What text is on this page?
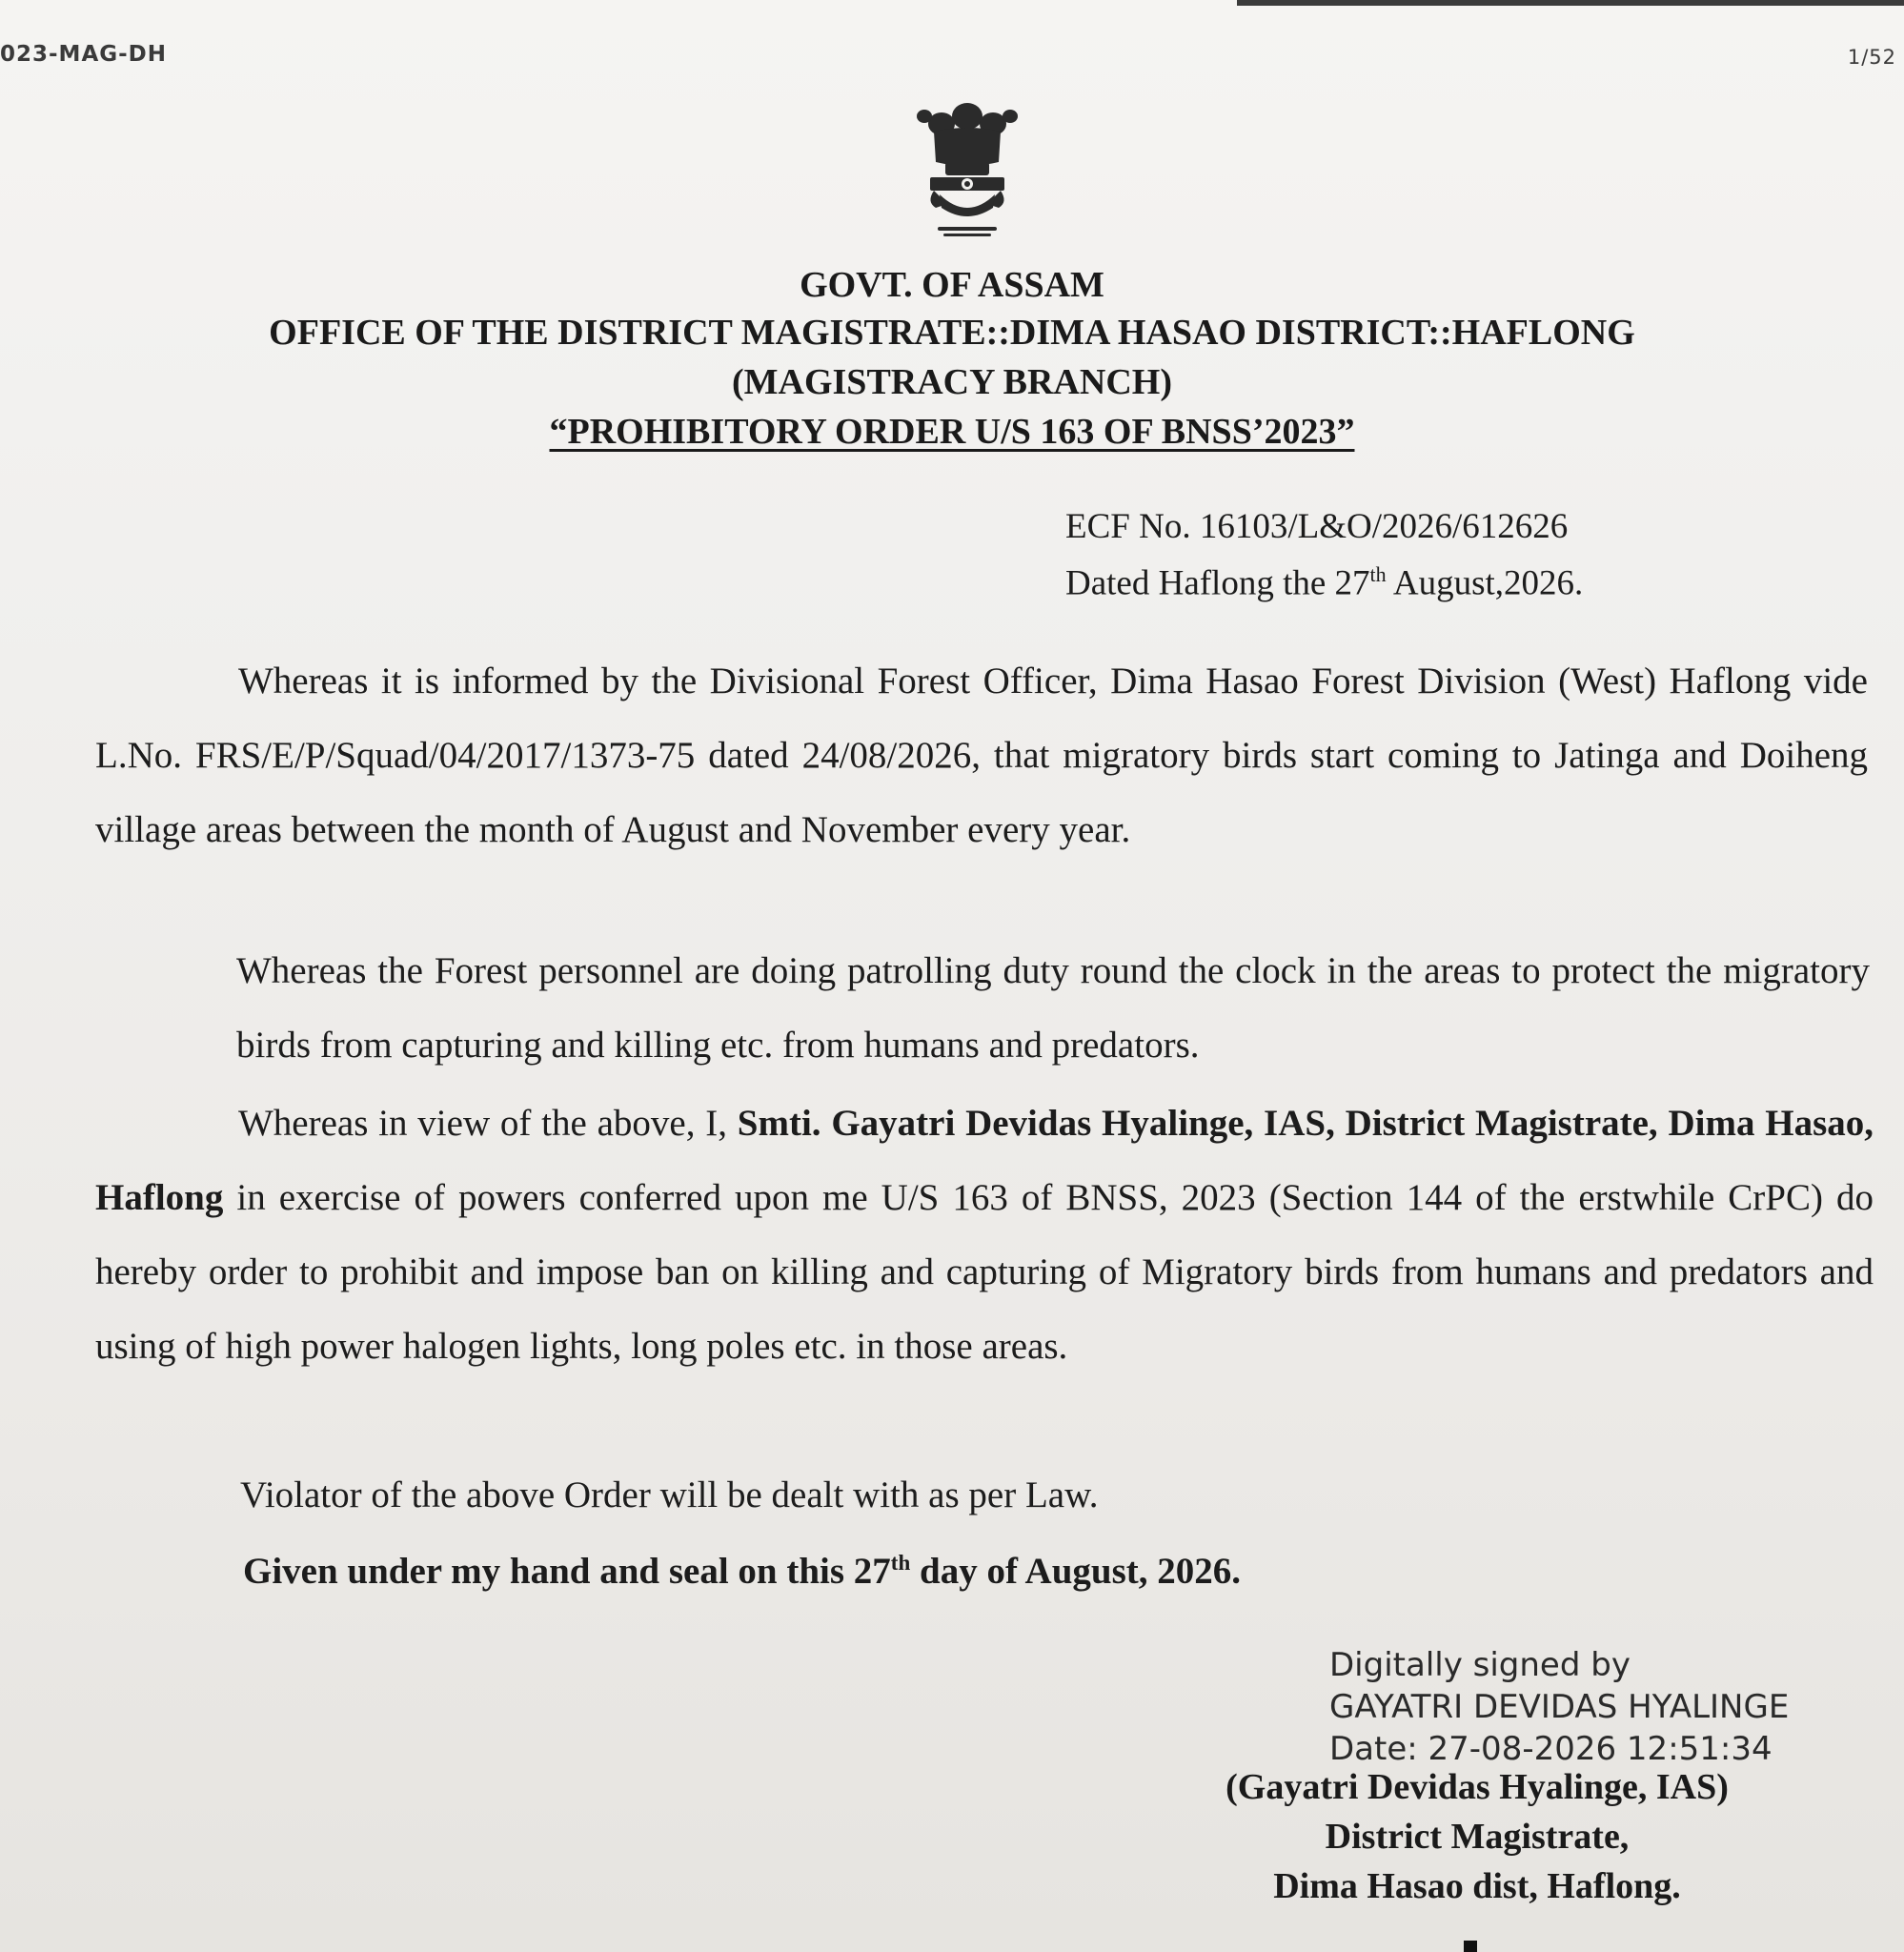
023-MAG-DH	1/52
GOVT. OF ASSAM
OFFICE OF THE DISTRICT MAGISTRATE::DIMA HASAO DISTRICT::HAFLONG
(MAGISTRACY BRANCH)
“PROHIBITORY ORDER U/S 163 OF BNSS’2023”
ECF No. 16103/L&O/2026/612626
Dated Haflong the 27th August,2026.
Whereas it is informed by the Divisional Forest Officer, Dima Hasao Forest Division (West) Haflong vide L.No. FRS/E/P/Squad/04/2017/1373-75 dated 24/08/2026, that migratory birds start coming to Jatinga and Doiheng village areas between the month of August and November every year.
Whereas the Forest personnel are doing patrolling duty round the clock in the areas to protect the migratory birds from capturing and killing etc. from humans and predators.
Whereas in view of the above, I, Smti. Gayatri Devidas Hyalinge, IAS, District Magistrate, Dima Hasao, Haflong in exercise of powers conferred upon me U/S 163 of BNSS, 2023 (Section 144 of the erstwhile CrPC) do hereby order to prohibit and impose ban on killing and capturing of Migratory birds from humans and predators and using of high power halogen lights, long poles etc. in those areas.
Violator of the above Order will be dealt with as per Law.
Given under my hand and seal on this 27th day of August, 2026.
Digitally signed by
GAYATRI DEVIDAS HYALINGE
Date: 27-08-2026 12:51:34
(Gayatri Devidas Hyalinge, IAS)
District Magistrate,
Dima Hasao dist, Haflong.
